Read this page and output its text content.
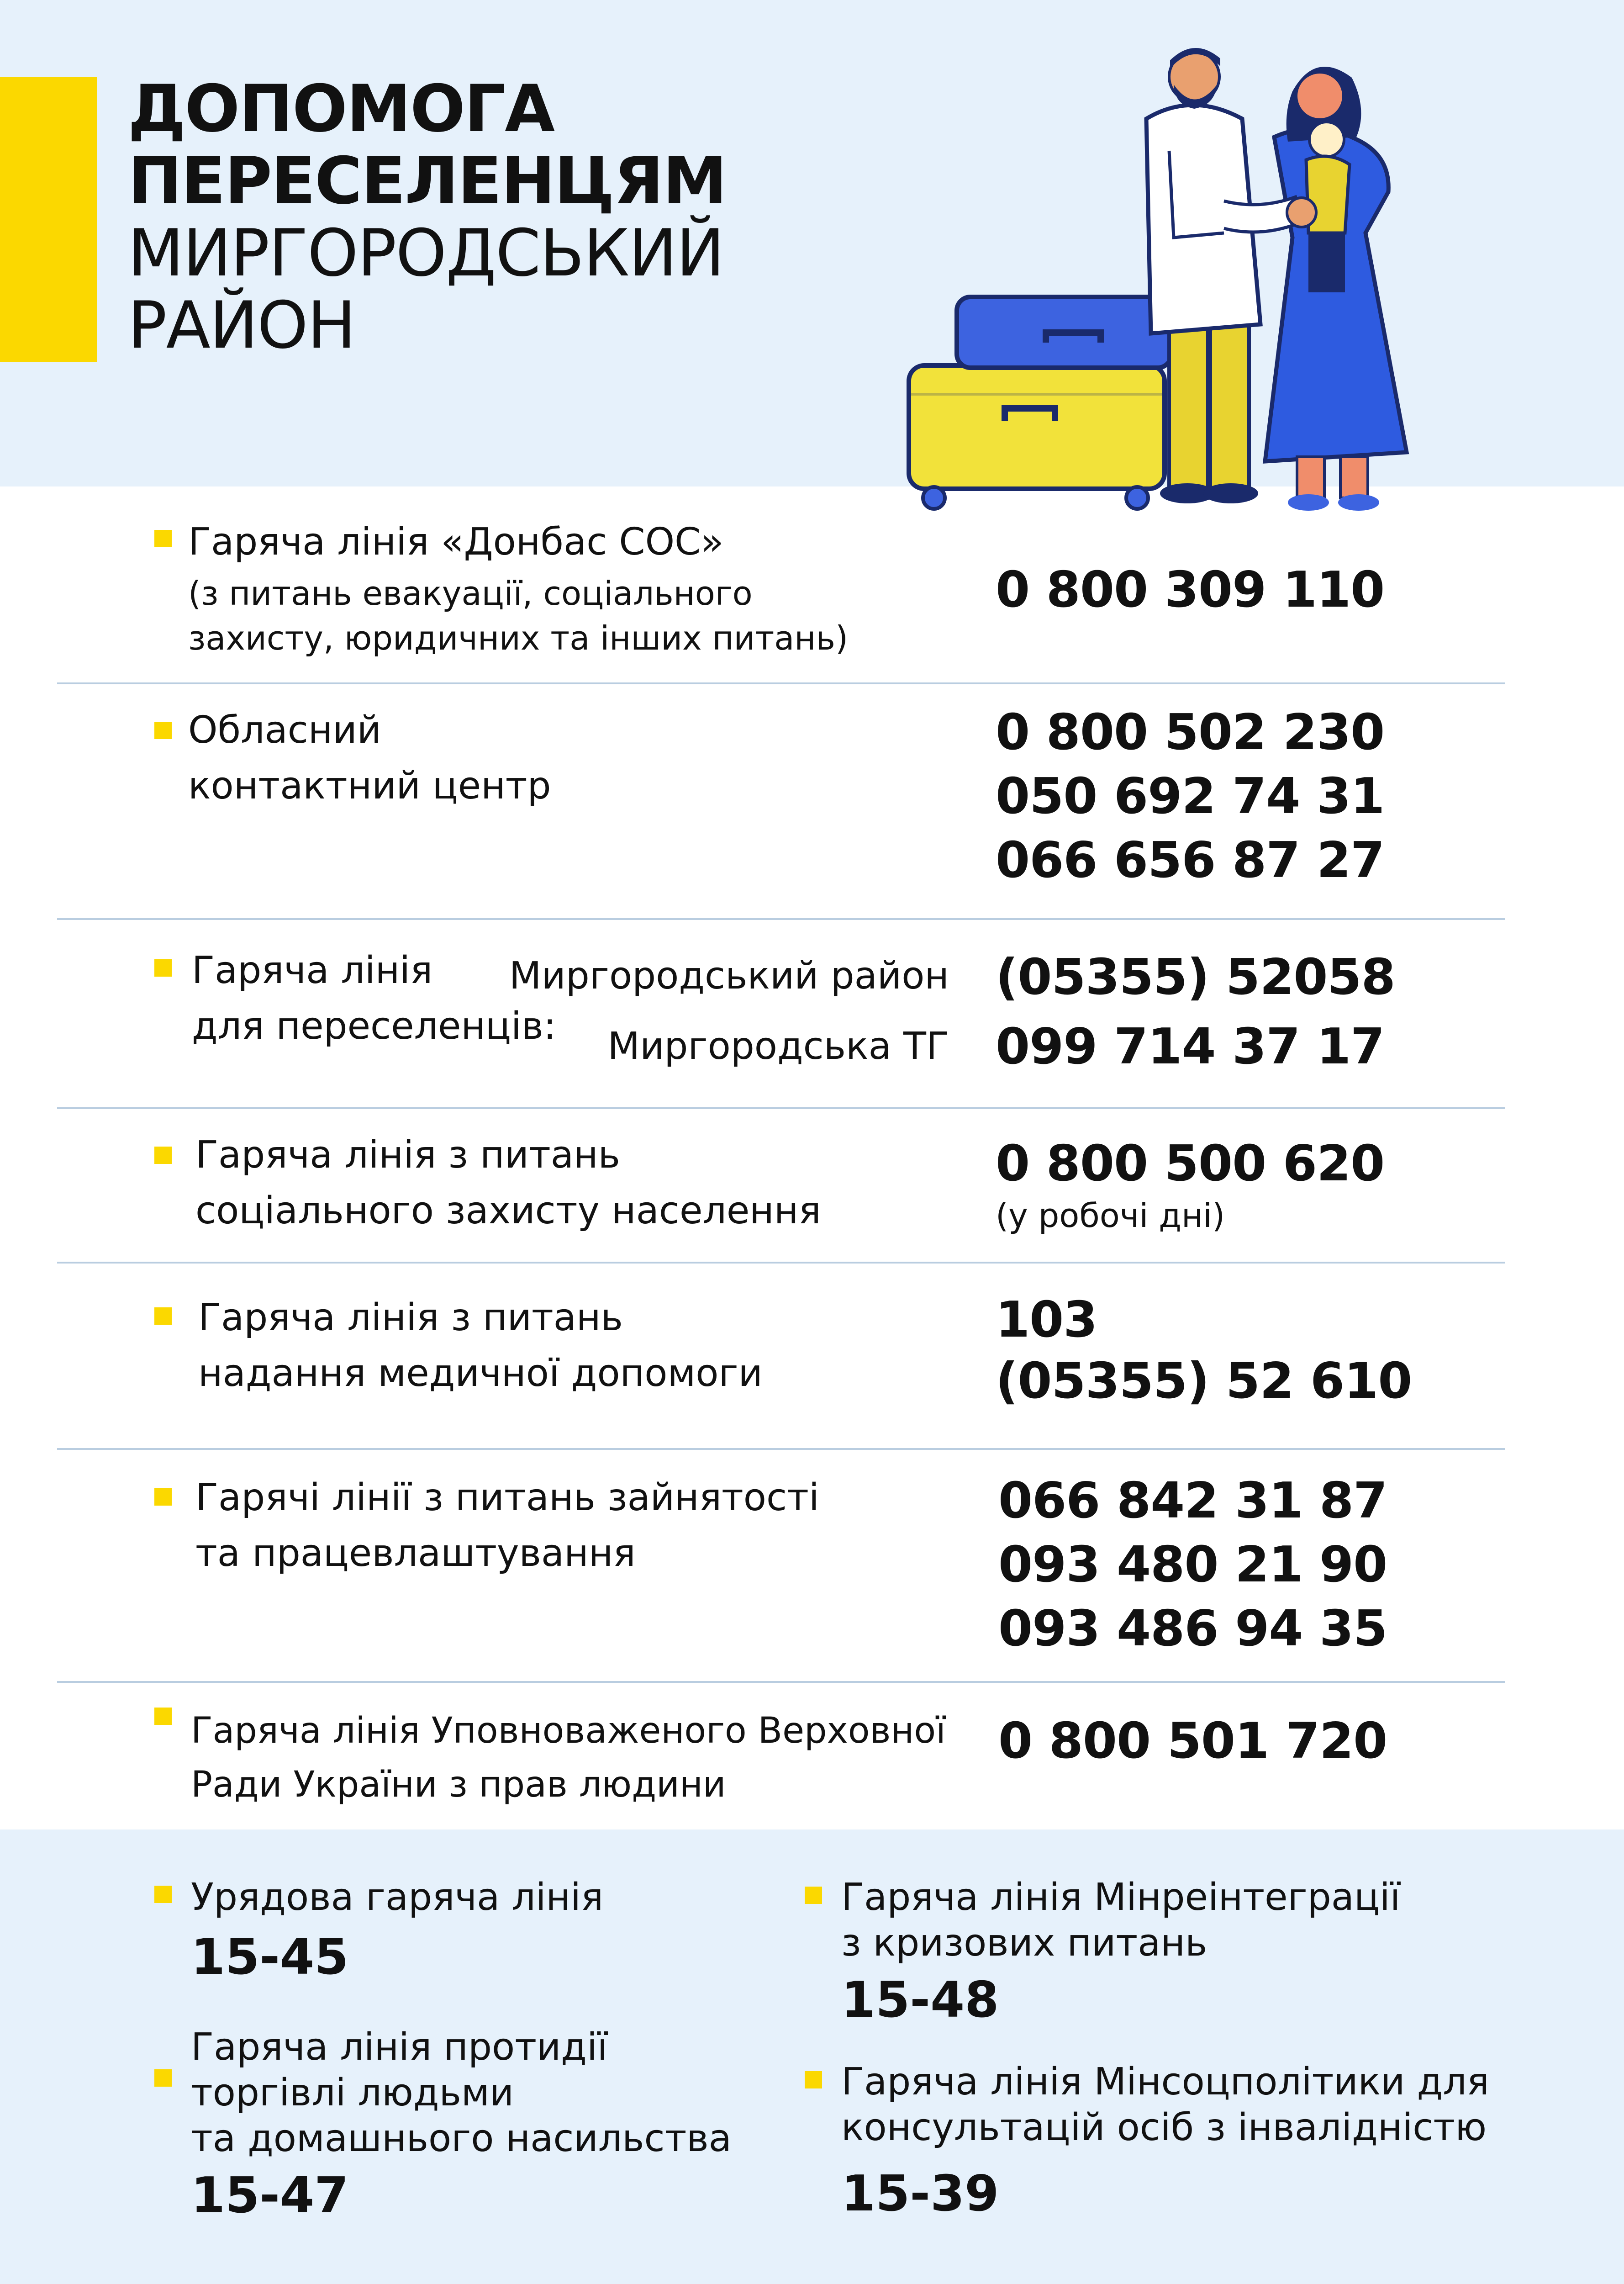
ДОПОМОГА
ПЕРЕСЕЛЕНЦЯМ
МИРГОРОДСЬКИЙ
РАЙОН
Гаряча лінія «Донбас СОС»
(з питань евакуації, соціального
захисту, юридичних та інших питань)
0 800 309 110
Обласний
контактний центр
0 800 502 230
050 692 74 31
066 656 87 27
Гаряча лінія
для переселенців:
Миргородський район
Миргородська ТГ
(05355) 52058
099 714 37 17
Гаряча лінія з питань
соціального захисту населення
0 800 500 620
(у робочі дні)
Гаряча лінія з питань
надання медичної допомоги
103
(05355) 52 610
Гарячі лінії з питань зайнятості
та працевлаштування
066 842 31 87
093 480 21 90
093 486 94 35
Гаряча лінія Уповноваженого Верховної
Ради України з прав людини
0 800 501 720
Урядова гаряча лінія
15-45
Гаряча лінія протидії
торгівлі людьми
та домашнього насильства
15-47
Гаряча лінія Мінреінтеграції
з кризових питань
15-48
Гаряча лінія Мінсоцполітики для
консультацій осіб з інвалідністю
15-39
